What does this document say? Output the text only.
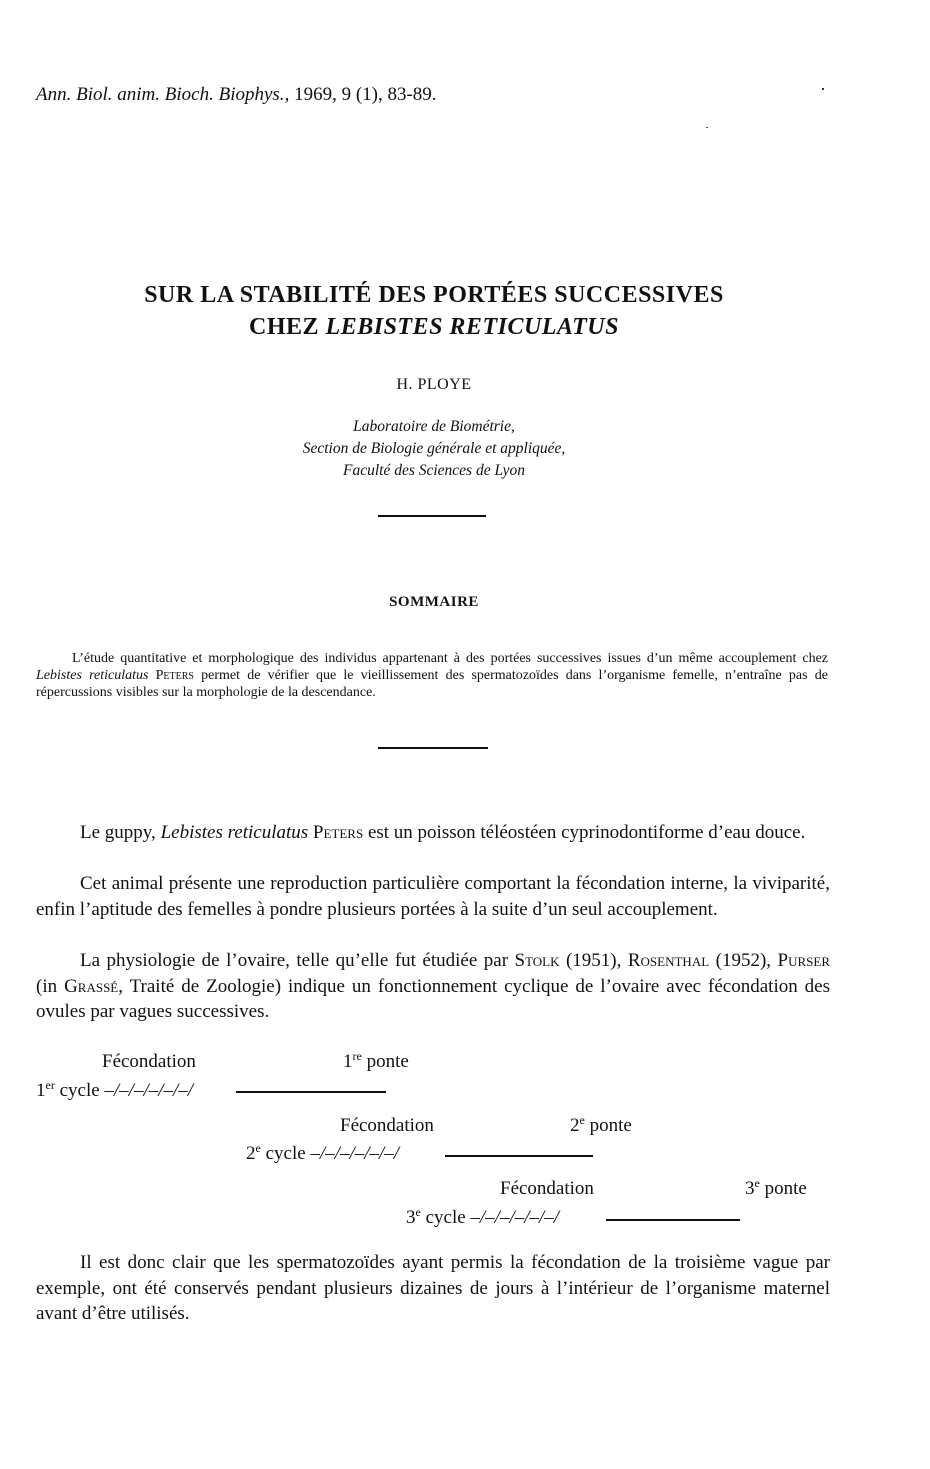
Ann. Biol. anim. Bioch. Biophys., 1969, 9 (1), 83-89.
SUR LA STABILITÉ DES PORTÉES SUCCESSIVES
CHEZ LEBISTES RETICULATUS
H. PLOYE
Laboratoire de Biométrie,
Section de Biologie générale et appliquée,
Faculté des Sciences de Lyon
SOMMAIRE
L’étude quantitative et morphologique des individus appartenant à des portées successives issues d’un même accouplement chez Lebistes reticulatus Peters permet de vérifier que le vieillissement des spermatozoïdes dans l’organisme femelle, n’entraîne pas de répercussions visibles sur la morphologie de la descendance.
Le guppy, Lebistes reticulatus Peters est un poisson téléostéen cyprinodontiforme d’eau douce.
Cet animal présente une reproduction particulière comportant la fécondation interne, la viviparité, enfin l’aptitude des femelles à pondre plusieurs portées à la suite d’un seul accouplement.
La physiologie de l’ovaire, telle qu’elle fut étudiée par Stolk (1951), Rosenthal (1952), Purser (in Grassé, Traité de Zoologie) indique un fonctionnement cyclique de l’ovaire avec fécondation des ovules par vagues successives.
Fécondation	1re ponte
1er cycle –/–/–/–/–/–/
Fécondation	2e ponte
2e cycle –/–/–/–/–/–/
Fécondation	3e ponte
3e cycle –/–/–/–/–/–/
Il est donc clair que les spermatozoïdes ayant permis la fécondation de la troisième vague par exemple, ont été conservés pendant plusieurs dizaines de jours à l’intérieur de l’organisme maternel avant d’être utilisés.
